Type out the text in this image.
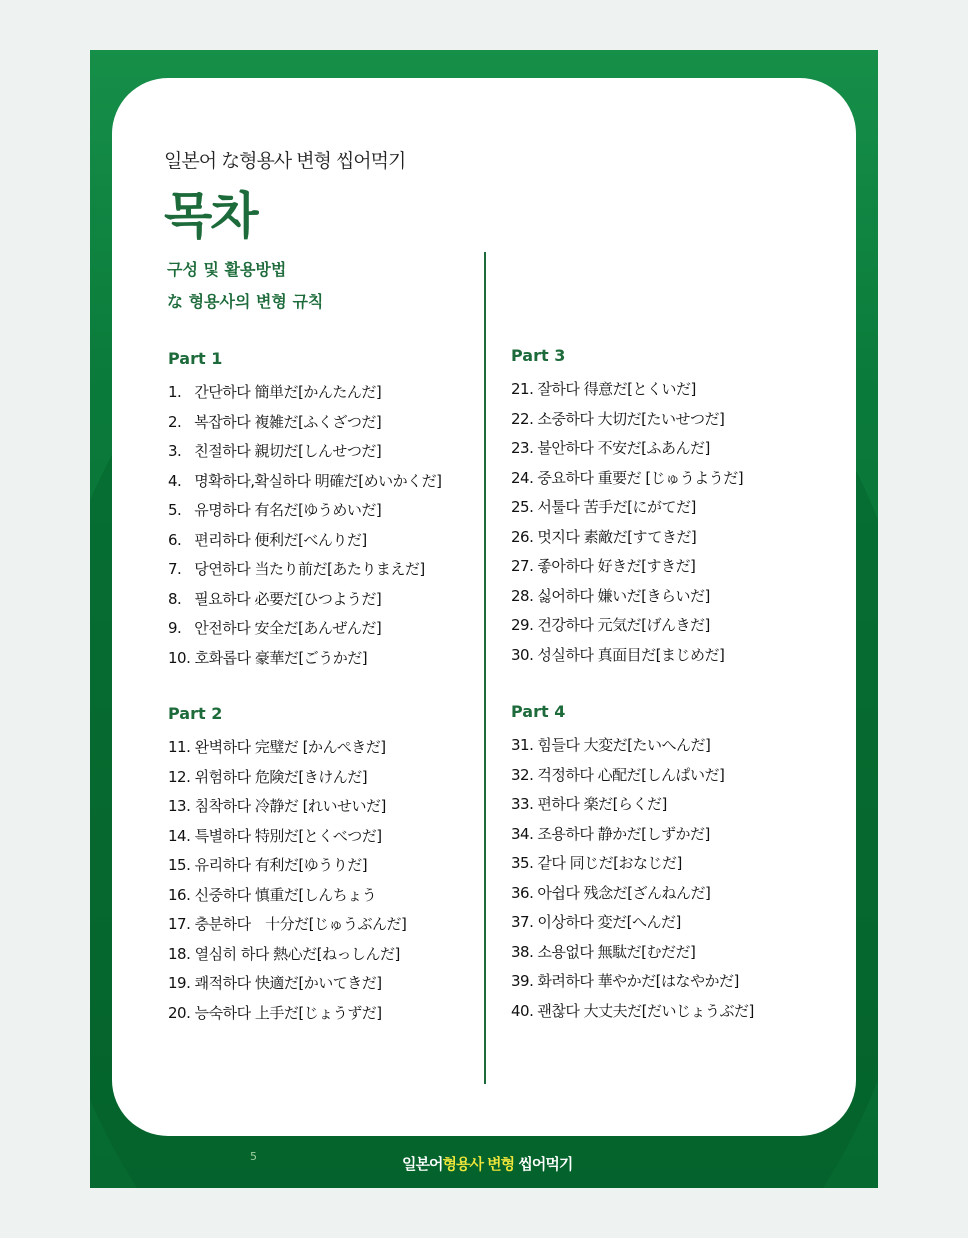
일본어 な형용사 변형 씹어먹기
목차
구성 및 활용방법
な 형용사의 변형 규칙
Part 1
1. 간단하다 簡単だ[かんたんだ]
2. 복잡하다 複雑だ[ふくざつだ]
3. 친절하다 親切だ[しんせつだ]
4. 명확하다,확실하다 明確だ[めいかくだ]
5. 유명하다 有名だ[ゆうめいだ]
6. 편리하다 便利だ[べんりだ]
7. 당연하다 当たり前だ[あたりまえだ]
8. 필요하다 必要だ[ひつようだ]
9. 안전하다 安全だ[あんぜんだ]
10. 호화롭다 豪華だ[ごうかだ]
Part 2
11. 완벽하다 完璧だ [かんぺきだ]
12. 위험하다 危険だ[きけんだ]
13. 침착하다 冷静だ [れいせいだ]
14. 특별하다 特別だ[とくべつだ]
15. 유리하다 有利だ[ゆうりだ]
16. 신중하다 慎重だ[しんちょう
17. 충분하다　十分だ[じゅうぶんだ]
18. 열심히 하다 熱心だ[ねっしんだ]
19. 쾌적하다 快適だ[かいてきだ]
20. 능숙하다 上手だ[じょうずだ]
Part 3
21. 잘하다 得意だ[とくいだ]
22. 소중하다 大切だ[たいせつだ]
23. 불안하다 不安だ[ふあんだ]
24. 중요하다 重要だ [じゅうようだ]
25. 서툴다 苦手だ[にがてだ]
26. 멋지다 素敵だ[すてきだ]
27. 좋아하다 好きだ[すきだ]
28. 싫어하다 嫌いだ[きらいだ]
29. 건강하다 元気だ[げんきだ]
30. 성실하다 真面目だ[まじめだ]
Part 4
31. 힘들다 大変だ[たいへんだ]
32. 걱정하다 心配だ[しんぱいだ]
33. 편하다 楽だ[らくだ]
34. 조용하다 静かだ[しずかだ]
35. 같다 同じだ[おなじだ]
36. 아쉽다 残念だ[ざんねんだ]
37. 이상하다 変だ[へんだ]
38. 소용없다 無駄だ[むだだ]
39. 화려하다 華やかだ[はなやかだ]
40. 괜찮다 大丈夫だ[だいじょうぶだ]
5	일본어형용사 변형 씹어먹기
